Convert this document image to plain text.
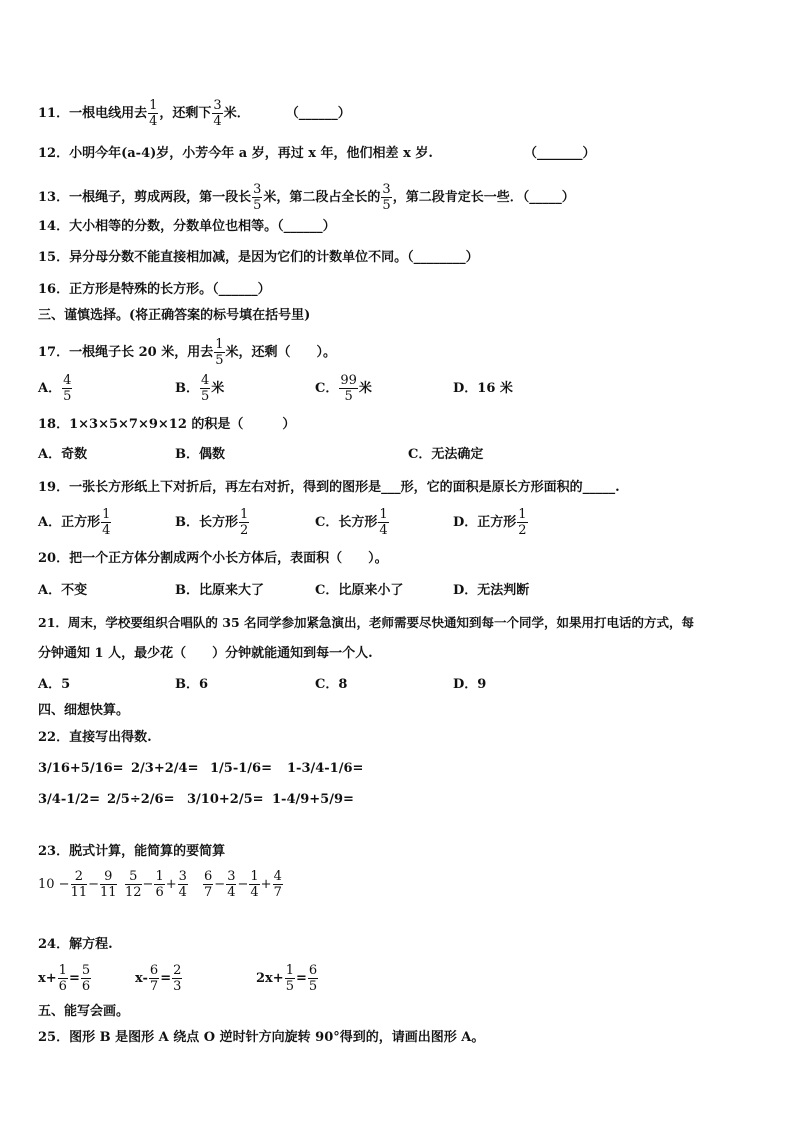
11．一根电线用去 $\frac{1}{4}$ ，还剩下 $\frac{3}{4}$ 米．	（______）
12．小明今年(a-4)岁，小芳今年 a 岁，再过 x 年，他们相差 x 岁.	（_______）
13．一根绳子，剪成两段，第一段长 $\frac{3}{5}$ 米，第二段占全长的 $\frac{3}{5}$ ，第二段肯定长一些．（_____）
14．大小相等的分数，分数单位也相等。（______）
15．异分母分数不能直接相加减，是因为它们的计数单位不同。（________）
16．正方形是特殊的长方形。（______）
三、谨慎选择。(将正确答案的标号填在括号里)
17．一根绳子长 20 米，用去 $\frac{1}{5}$ 米，还剩（　　）。
A． $\frac{4}{5}$	B． $\frac{4}{5}$ 米	C． $\frac{99}{5}$ 米	D．16 米
18．1×3×5×7×9×12 的积是（　　　）
A．奇数	B．偶数	C．无法确定
19．一张长方形纸上下对折后，再左右对折，得到的图形是___形，它的面积是原长方形面积的_____.
A．正方形 $\frac{1}{4}$	B．长方形 $\frac{1}{2}$	C．长方形 $\frac{1}{4}$	D．正方形 $\frac{1}{2}$
20．把一个正方体分割成两个小长方体后，表面积（　　）。
A．不变	B．比原来大了	C．比原来小了	D．无法判断
21．周末，学校要组织合唱队的 35 名同学参加紧急演出，老师需要尽快通知到每一个同学，如果用打电话的方式，每
分钟通知 1 人，最少花（　　）分钟就能通知到每一个人.
A．5	B．6	C．8	D．9
四、细想快算。
22．直接写出得数.
3/16+5/16= 2/3+2/4= 1/5-1/6= 1-3/4-1/6=
3/4-1/2= 2/5÷2/6= 3/10+2/5= 1-4/9+5/9=
23．脱式计算，能简算的要简算
$10 - \frac{2}{11} - \frac{9}{11} \frac{5}{12} - \frac{1}{6} + \frac{3}{4} \frac{6}{7} - \frac{3}{4} - \frac{1}{4} + \frac{4}{7}$
24．解方程.
$x+ \frac{1}{6} = \frac{5}{6}$	$x- \frac{6}{7} = \frac{2}{3}$	$2x+ \frac{1}{5} = \frac{6}{5}$
五、能写会画。
25．图形 B 是图形 A 绕点 O 逆时针方向旋转 90°得到的，请画出图形 A。
